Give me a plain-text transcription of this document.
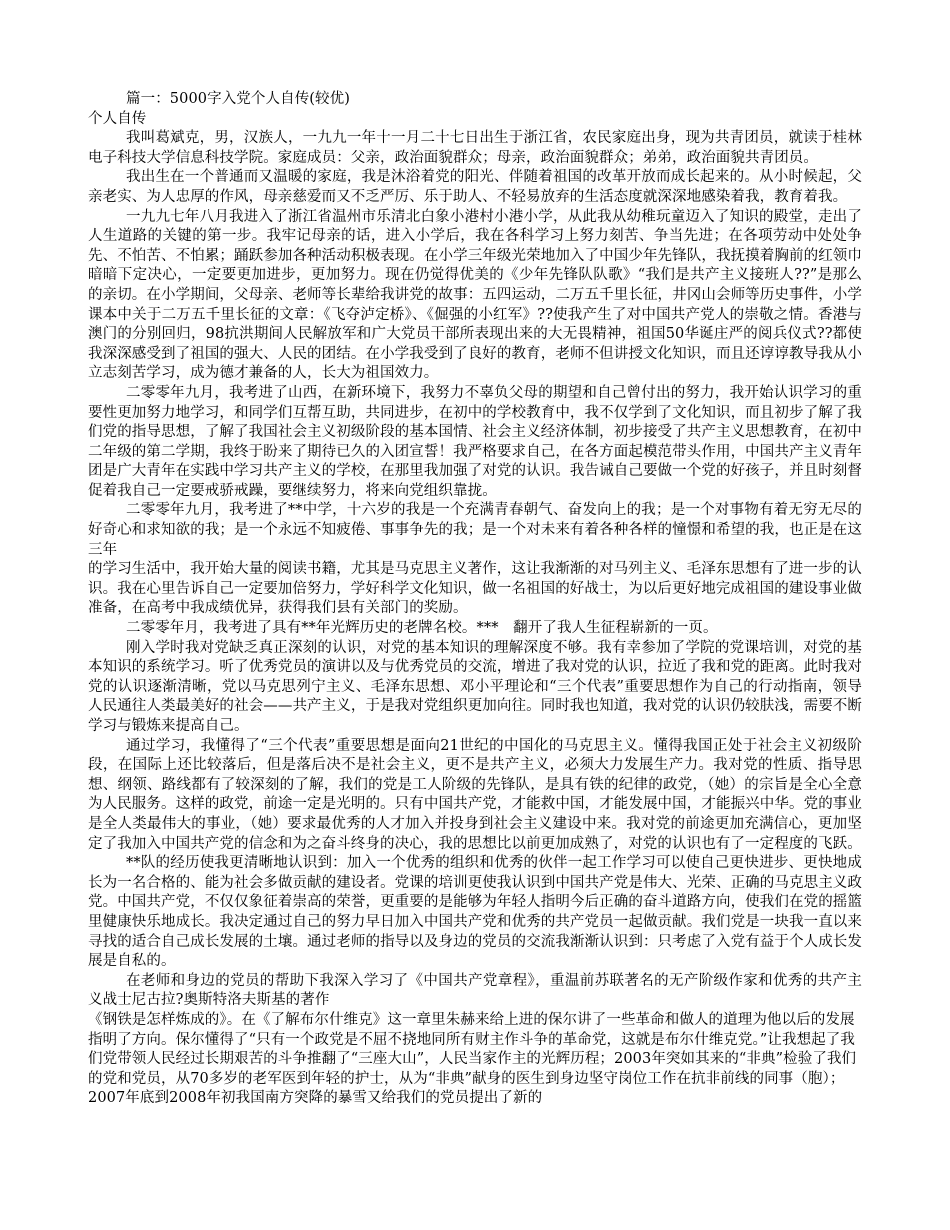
篇一：5000字入党个人自传(较优)

个人自传

我叫葛斌克，男，汉族人，一九九一年十一月二十七日出生于浙江省，农民家庭出身，现为共青团员，就读于桂林电子科技大学信息科技学院。家庭成员：父亲，政治面貌群众；母亲，政治面貌群众；弟弟，政治面貌共青团员。

我出生在一个普通而又温暖的家庭，我是沐浴着党的阳光、伴随着祖国的改革开放而成长起来的。从小时候起，父亲老实、为人忠厚的作风，母亲慈爱而又不乏严厉、乐于助人、不轻易放弃的生活态度就深深地感染着我，教育着我。

一九九七年八月我进入了浙江省温州市乐清北白象小港村小港小学，从此我从幼稚玩童迈入了知识的殿堂，走出了人生道路的关键的第一步。我牢记母亲的话，进入小学后，我在各科学习上努力刻苦、争当先进；在各项劳动中处处争先、不怕苦、不怕累；踊跃参加各种活动积极表现。在小学三年级光荣地加入了中国少年先锋队，我抚摸着胸前的红领巾暗暗下定决心，一定要更加进步，更加努力。现在仍觉得优美的《少年先锋队队歌》“我们是共产主义接班人??”是那么的亲切。在小学期间，父母亲、老师等长辈给我讲党的故事：五四运动，二万五千里长征，井冈山会师等历史事件，小学课本中关于二万五千里长征的文章：《飞夺泸定桥》、《倔强的小红军》??使我产生了对中国共产党人的崇敬之情。香港与澳门的分别回归，98抗洪期间人民解放军和广大党员干部所表现出来的大无畏精神，祖国50华诞庄严的阅兵仪式??都使我深深感受到了祖国的强大、人民的团结。在小学我受到了良好的教育，老师不但讲授文化知识，而且还谆谆教导我从小立志刻苦学习，成为德才兼备的人，长大为祖国效力。

二零零年九月，我考进了山西，在新环境下，我努力不辜负父母的期望和自己曾付出的努力，我开始认识学习的重要性更加努力地学习，和同学们互帮互助，共同进步，在初中的学校教育中，我不仅学到了文化知识，而且初步了解了我们党的指导思想，了解了我国社会主义初级阶段的基本国情、社会主义经济体制，初步接受了共产主义思想教育，在初中二年级的第二学期，我终于盼来了期待已久的入团宣誓！我严格要求自己，在各方面起模范带头作用，中国共产主义青年团是广大青年在实践中学习共产主义的学校，在那里我加强了对党的认识。我告诫自己要做一个党的好孩子，并且时刻督促着我自己一定要戒骄戒躁，要继续努力，将来向党组织靠拢。

二零零年九月，我考进了**中学，十六岁的我是一个充满青春朝气、奋发向上的我；是一个对事物有着无穷无尽的好奇心和求知欲的我；是一个永远不知疲倦、事事争先的我；是一个对未来有着各种各样的憧憬和希望的我，也正是在这三年

的学习生活中，我开始大量的阅读书籍，尤其是马克思主义著作，这让我渐渐的对马列主义、毛泽东思想有了进一步的认识。我在心里告诉自己一定要加倍努力，学好科学文化知识，做一名祖国的好战士，为以后更好地完成祖国的建设事业做准备，在高考中我成绩优异，获得我们县有关部门的奖励。

二零零年月，我考进了具有**年光辉历史的老牌名校。***　翻开了我人生征程崭新的一页。

刚入学时我对党缺乏真正深刻的认识，对党的基本知识的理解深度不够。我有幸参加了学院的党课培训，对党的基本知识的系统学习。听了优秀党员的演讲以及与优秀党员的交流，增进了我对党的认识，拉近了我和党的距离。此时我对党的认识逐渐清晰，党以马克思列宁主义、毛泽东思想、邓小平理论和“三个代表”重要思想作为自己的行动指南，领导人民通往人类最美好的社会——共产主义，于是我对党组织更加向往。同时我也知道，我对党的认识仍较肤浅，需要不断学习与锻炼来提高自己。

通过学习，我懂得了“三个代表”重要思想是面向21世纪的中国化的马克思主义。懂得我国正处于社会主义初级阶段，在国际上还比较落后，但是落后决不是社会主义，更不是共产主义，必须大力发展生产力。我对党的性质、指导思想、纲领、路线都有了较深刻的了解，我们的党是工人阶级的先锋队，是具有铁的纪律的政党，（她）的宗旨是全心全意为人民服务。这样的政党，前途一定是光明的。只有中国共产党，才能救中国，才能发展中国，才能振兴中华。党的事业是全人类最伟大的事业，（她）要求最优秀的人才加入并投身到社会主义建设中来。我对党的前途更加充满信心，更加坚定了我加入中国共产党的信念和为之奋斗终身的决心，我的思想比以前更加成熟了，对党的认识也有了一定程度的飞跃。

**队的经历使我更清晰地认识到：加入一个优秀的组织和优秀的伙伴一起工作学习可以使自己更快进步、更快地成长为一名合格的、能为社会多做贡献的建设者。党课的培训更使我认识到中国共产党是伟大、光荣、正确的马克思主义政党。中国共产党，不仅仅象征着崇高的荣誉，更重要的是能够为年轻人指明今后正确的奋斗道路方向，使我们在党的摇篮里健康快乐地成长。我决定通过自己的努力早日加入中国共产党和优秀的共产党员一起做贡献。我们党是一块我一直以来寻找的适合自己成长发展的土壤。通过老师的指导以及身边的党员的交流我渐渐认识到：只考虑了入党有益于个人成长发展是自私的。

在老师和身边的党员的帮助下我深入学习了《中国共产党章程》，重温前苏联著名的无产阶级作家和优秀的共产主义战士尼古拉?奥斯特洛夫斯基的著作

《钢铁是怎样炼成的》。在《了解布尔什维克》这一章里朱赫来给上进的保尔讲了一些革命和做人的道理为他以后的发展指明了方向。保尔懂得了“只有一个政党是不屈不挠地同所有财主作斗争的革命党，这就是布尔什维克党。”让我想起了我们党带领人民经过长期艰苦的斗争推翻了“三座大山”，人民当家作主的光辉历程；2003年突如其来的“非典”检验了我们的党和党员，从70多岁的老军医到年轻的护士，从为“非典”献身的医生到身边坚守岗位工作在抗非前线的同事（胞）；2007年底到2008年初我国南方突降的暴雪又给我们的党员提出了新的
